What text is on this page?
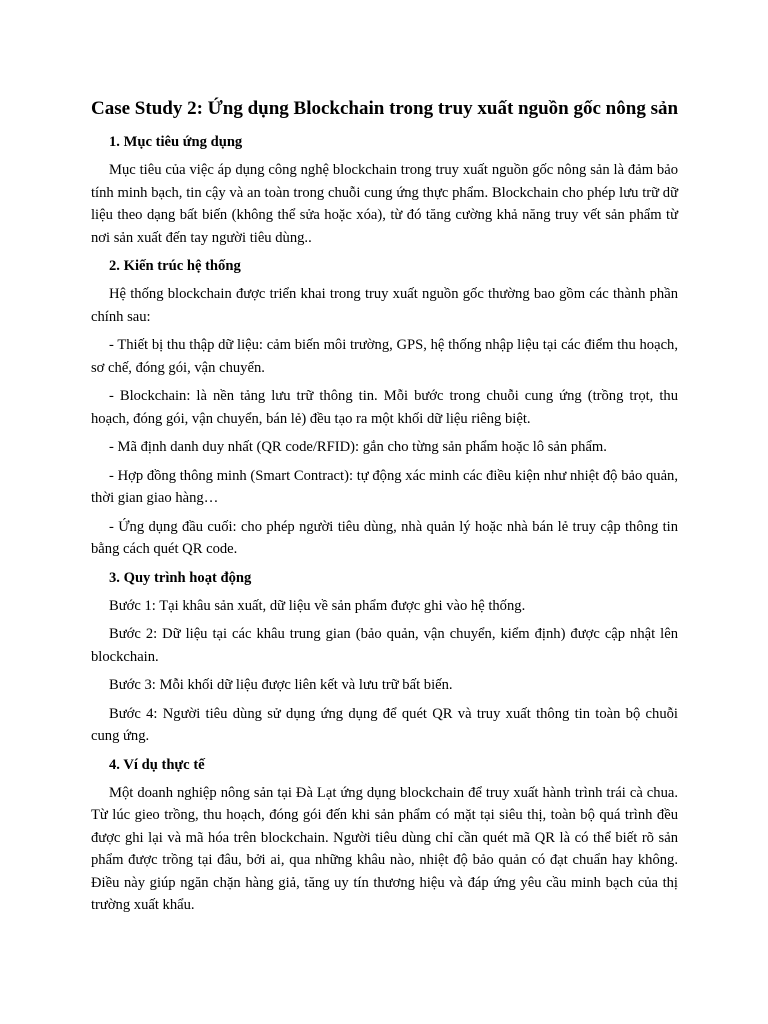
Case Study 2: Ứng dụng Blockchain trong truy xuất nguồn gốc nông sản
1. Mục tiêu ứng dụng

Mục tiêu của việc áp dụng công nghệ blockchain trong truy xuất nguồn gốc nông sản là đảm bảo tính minh bạch, tin cậy và an toàn trong chuỗi cung ứng thực phẩm. Blockchain cho phép lưu trữ dữ liệu theo dạng bất biến (không thể sửa hoặc xóa), từ đó tăng cường khả năng truy vết sản phẩm từ nơi sản xuất đến tay người tiêu dùng..

2. Kiến trúc hệ thống

Hệ thống blockchain được triển khai trong truy xuất nguồn gốc thường bao gồm các thành phần chính sau:

- Thiết bị thu thập dữ liệu: cảm biến môi trường, GPS, hệ thống nhập liệu tại các điểm thu hoạch, sơ chế, đóng gói, vận chuyển.

- Blockchain: là nền tảng lưu trữ thông tin. Mỗi bước trong chuỗi cung ứng (trồng trọt, thu hoạch, đóng gói, vận chuyển, bán lẻ) đều tạo ra một khối dữ liệu riêng biệt.

- Mã định danh duy nhất (QR code/RFID): gắn cho từng sản phẩm hoặc lô sản phẩm.

- Hợp đồng thông minh (Smart Contract): tự động xác minh các điều kiện như nhiệt độ bảo quản, thời gian giao hàng…

- Ứng dụng đầu cuối: cho phép người tiêu dùng, nhà quản lý hoặc nhà bán lẻ truy cập thông tin bằng cách quét QR code.

3. Quy trình hoạt động

Bước 1: Tại khâu sản xuất, dữ liệu về sản phẩm được ghi vào hệ thống.

Bước 2: Dữ liệu tại các khâu trung gian (bảo quản, vận chuyển, kiểm định) được cập nhật lên blockchain.

Bước 3: Mỗi khối dữ liệu được liên kết và lưu trữ bất biến.

Bước 4: Người tiêu dùng sử dụng ứng dụng để quét QR và truy xuất thông tin toàn bộ chuỗi cung ứng.

4. Ví dụ thực tế

Một doanh nghiệp nông sản tại Đà Lạt ứng dụng blockchain để truy xuất hành trình trái cà chua. Từ lúc gieo trồng, thu hoạch, đóng gói đến khi sản phẩm có mặt tại siêu thị, toàn bộ quá trình đều được ghi lại và mã hóa trên blockchain. Người tiêu dùng chỉ cần quét mã QR là có thể biết rõ sản phẩm được trồng tại đâu, bởi ai, qua những khâu nào, nhiệt độ bảo quản có đạt chuẩn hay không. Điều này giúp ngăn chặn hàng giả, tăng uy tín thương hiệu và đáp ứng yêu cầu minh bạch của thị trường xuất khẩu.
